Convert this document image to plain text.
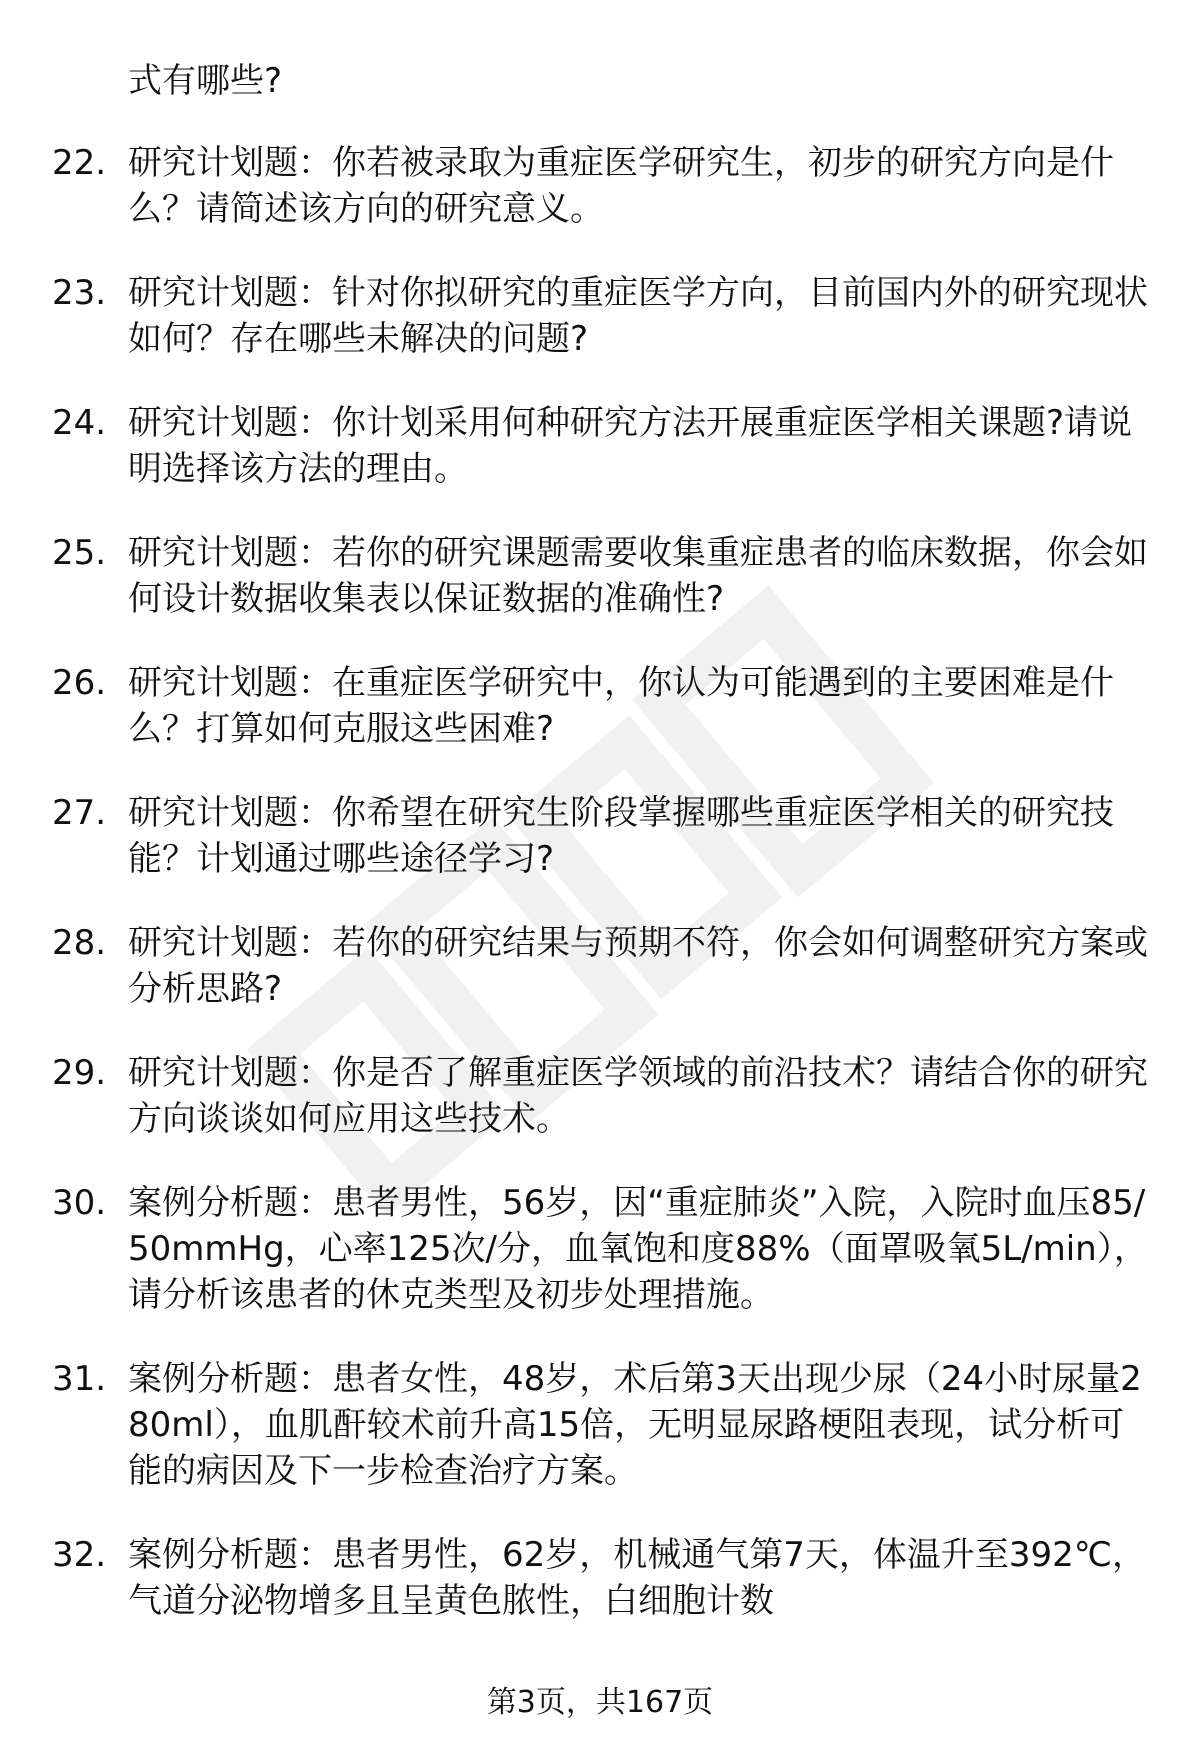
式有哪些?
22. 研究计划题：你若被录取为重症医学研究生，初步的研究方向是什么？请简述该方向的研究意义。
23. 研究计划题：针对你拟研究的重症医学方向，目前国内外的研究现状如何？存在哪些未解决的问题?
24. 研究计划题：你计划采用何种研究方法开展重症医学相关课题?请说明选择该方法的理由。
25. 研究计划题：若你的研究课题需要收集重症患者的临床数据，你会如何设计数据收集表以保证数据的准确性?
26. 研究计划题：在重症医学研究中，你认为可能遇到的主要困难是什么？打算如何克服这些困难?
27. 研究计划题：你希望在研究生阶段掌握哪些重症医学相关的研究技能？计划通过哪些途径学习?
28. 研究计划题：若你的研究结果与预期不符，你会如何调整研究方案或分析思路?
29. 研究计划题：你是否了解重症医学领域的前沿技术？请结合你的研究方向谈谈如何应用这些技术。
30. 案例分析题：患者男性，56岁，因“重症肺炎”入院，入院时血压85/50mmHg，心率125次/分，血氧饱和度88%（面罩吸氧5L/min），请分析该患者的休克类型及初步处理措施。
31. 案例分析题：患者女性，48岁，术后第3天出现少尿（24小时尿量280ml），血肌酐较术前升高15倍，无明显尿路梗阻表现，试分析可能的病因及下一步检查治疗方案。
32. 案例分析题：患者男性，62岁，机械通气第7天，体温升至392℃，气道分泌物增多且呈黄色脓性，白细胞计数
第3页，共167页
